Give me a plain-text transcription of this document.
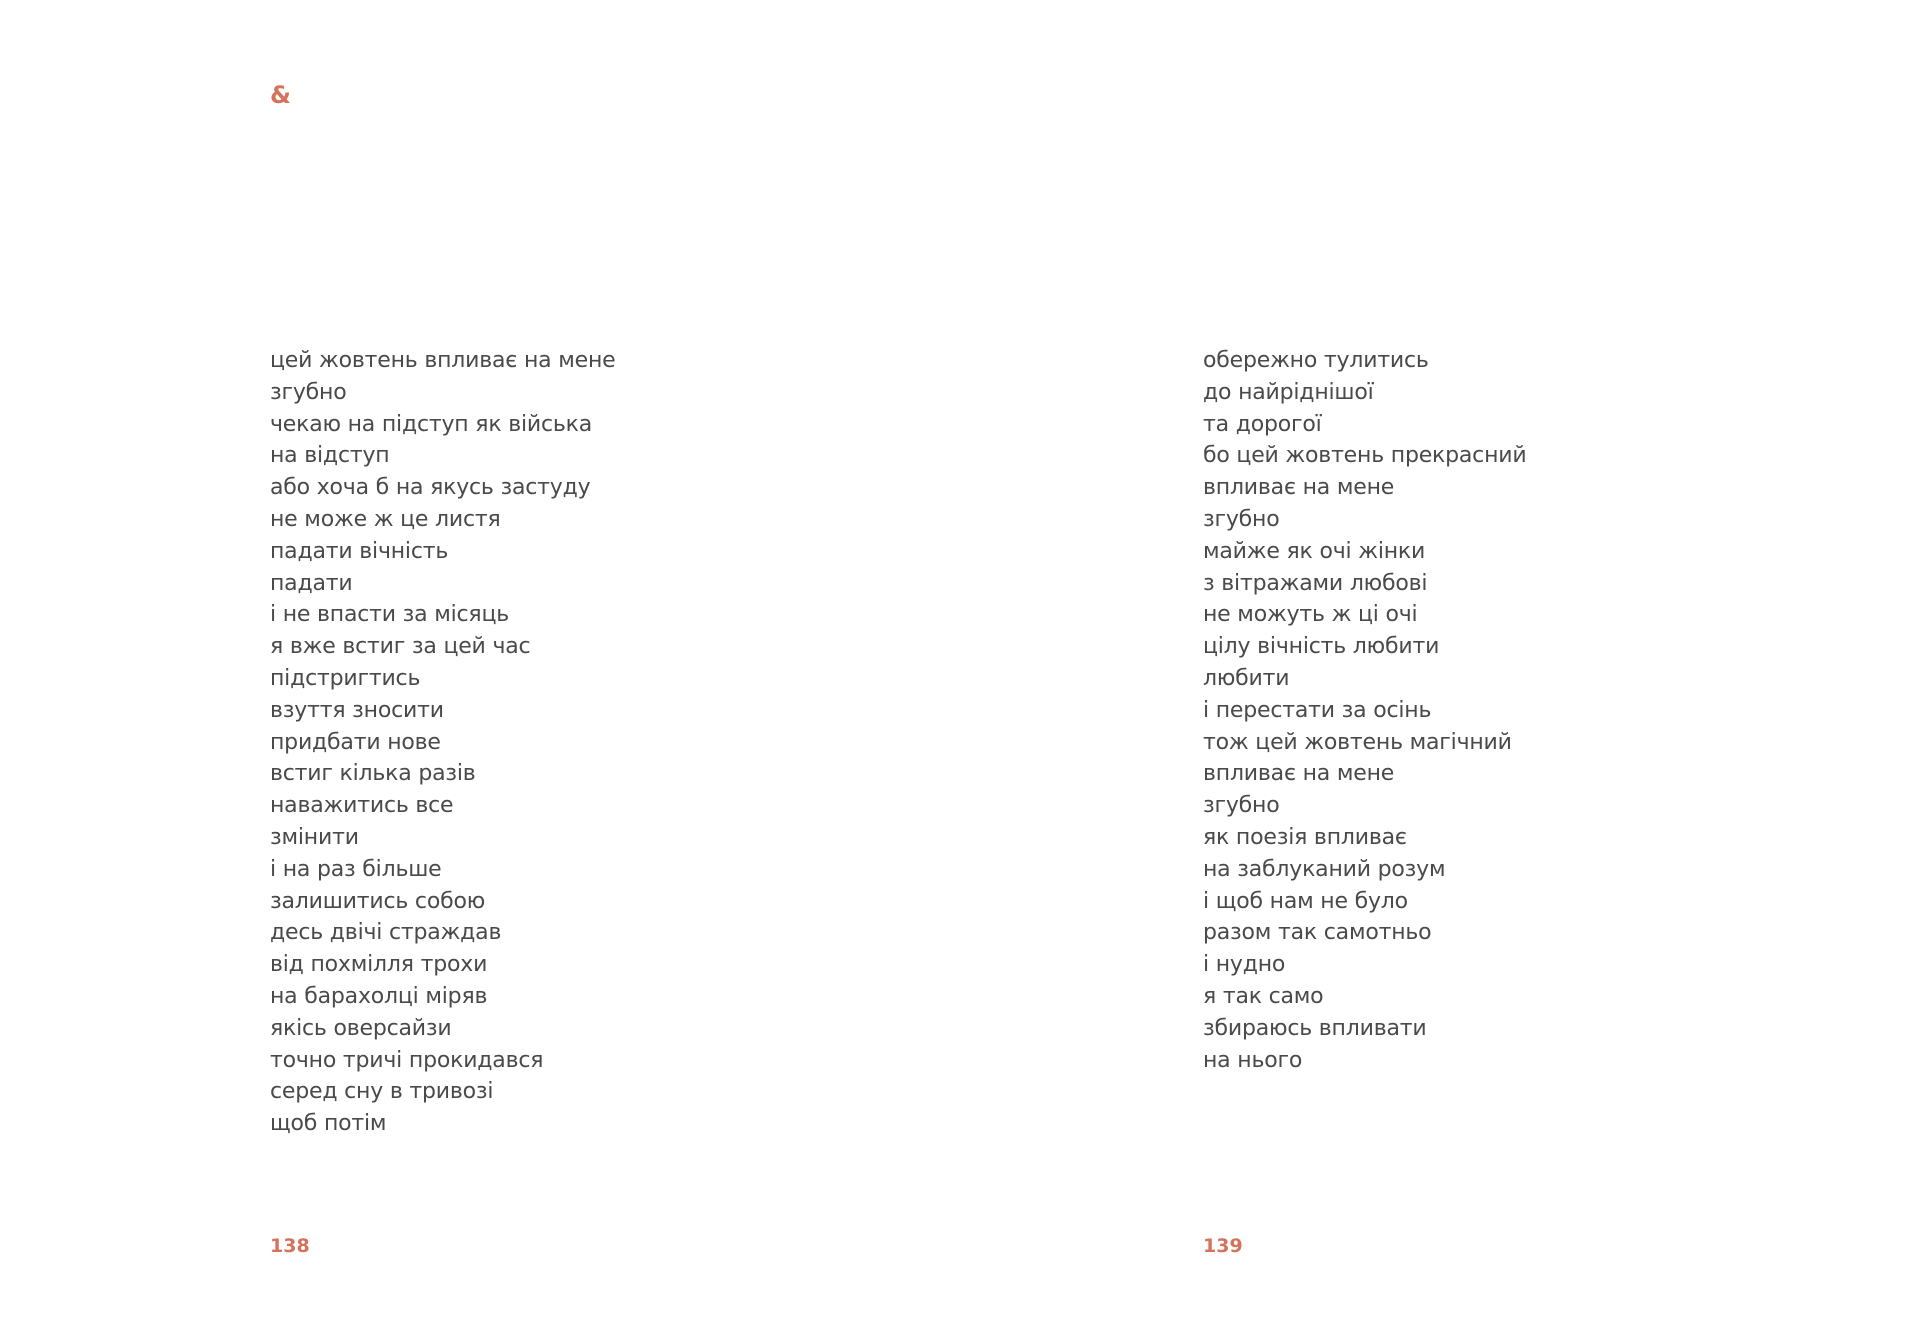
&
цей жовтень впливає на мене
згубно
чекаю на підступ як війська
на відступ
або хоча б на якусь застуду
не може ж це листя
падати вічність
падати
і не впасти за місяць
я вже встиг за цей час
підстригтись
взуття зносити
придбати нове
встиг кілька разів
наважитись все
змінити
і на раз більше
залишитись собою
десь двічі страждав
від похмілля трохи
на барахолці міряв
якісь оверсайзи
точно тричі прокидався
серед сну в тривозі
щоб потім
обережно тулитись
до найріднішої
та дорогої
бо цей жовтень прекрасний
впливає на мене
згубно
майже як очі жінки
з вітражами любові
не можуть ж ці очі
цілу вічність любити
любити
і перестати за осінь
тож цей жовтень магічний
впливає на мене
згубно
як поезія впливає
на заблуканий розум
і щоб нам не було
разом так самотньо
і нудно
я так само
збираюсь впливати
на нього
138	139
